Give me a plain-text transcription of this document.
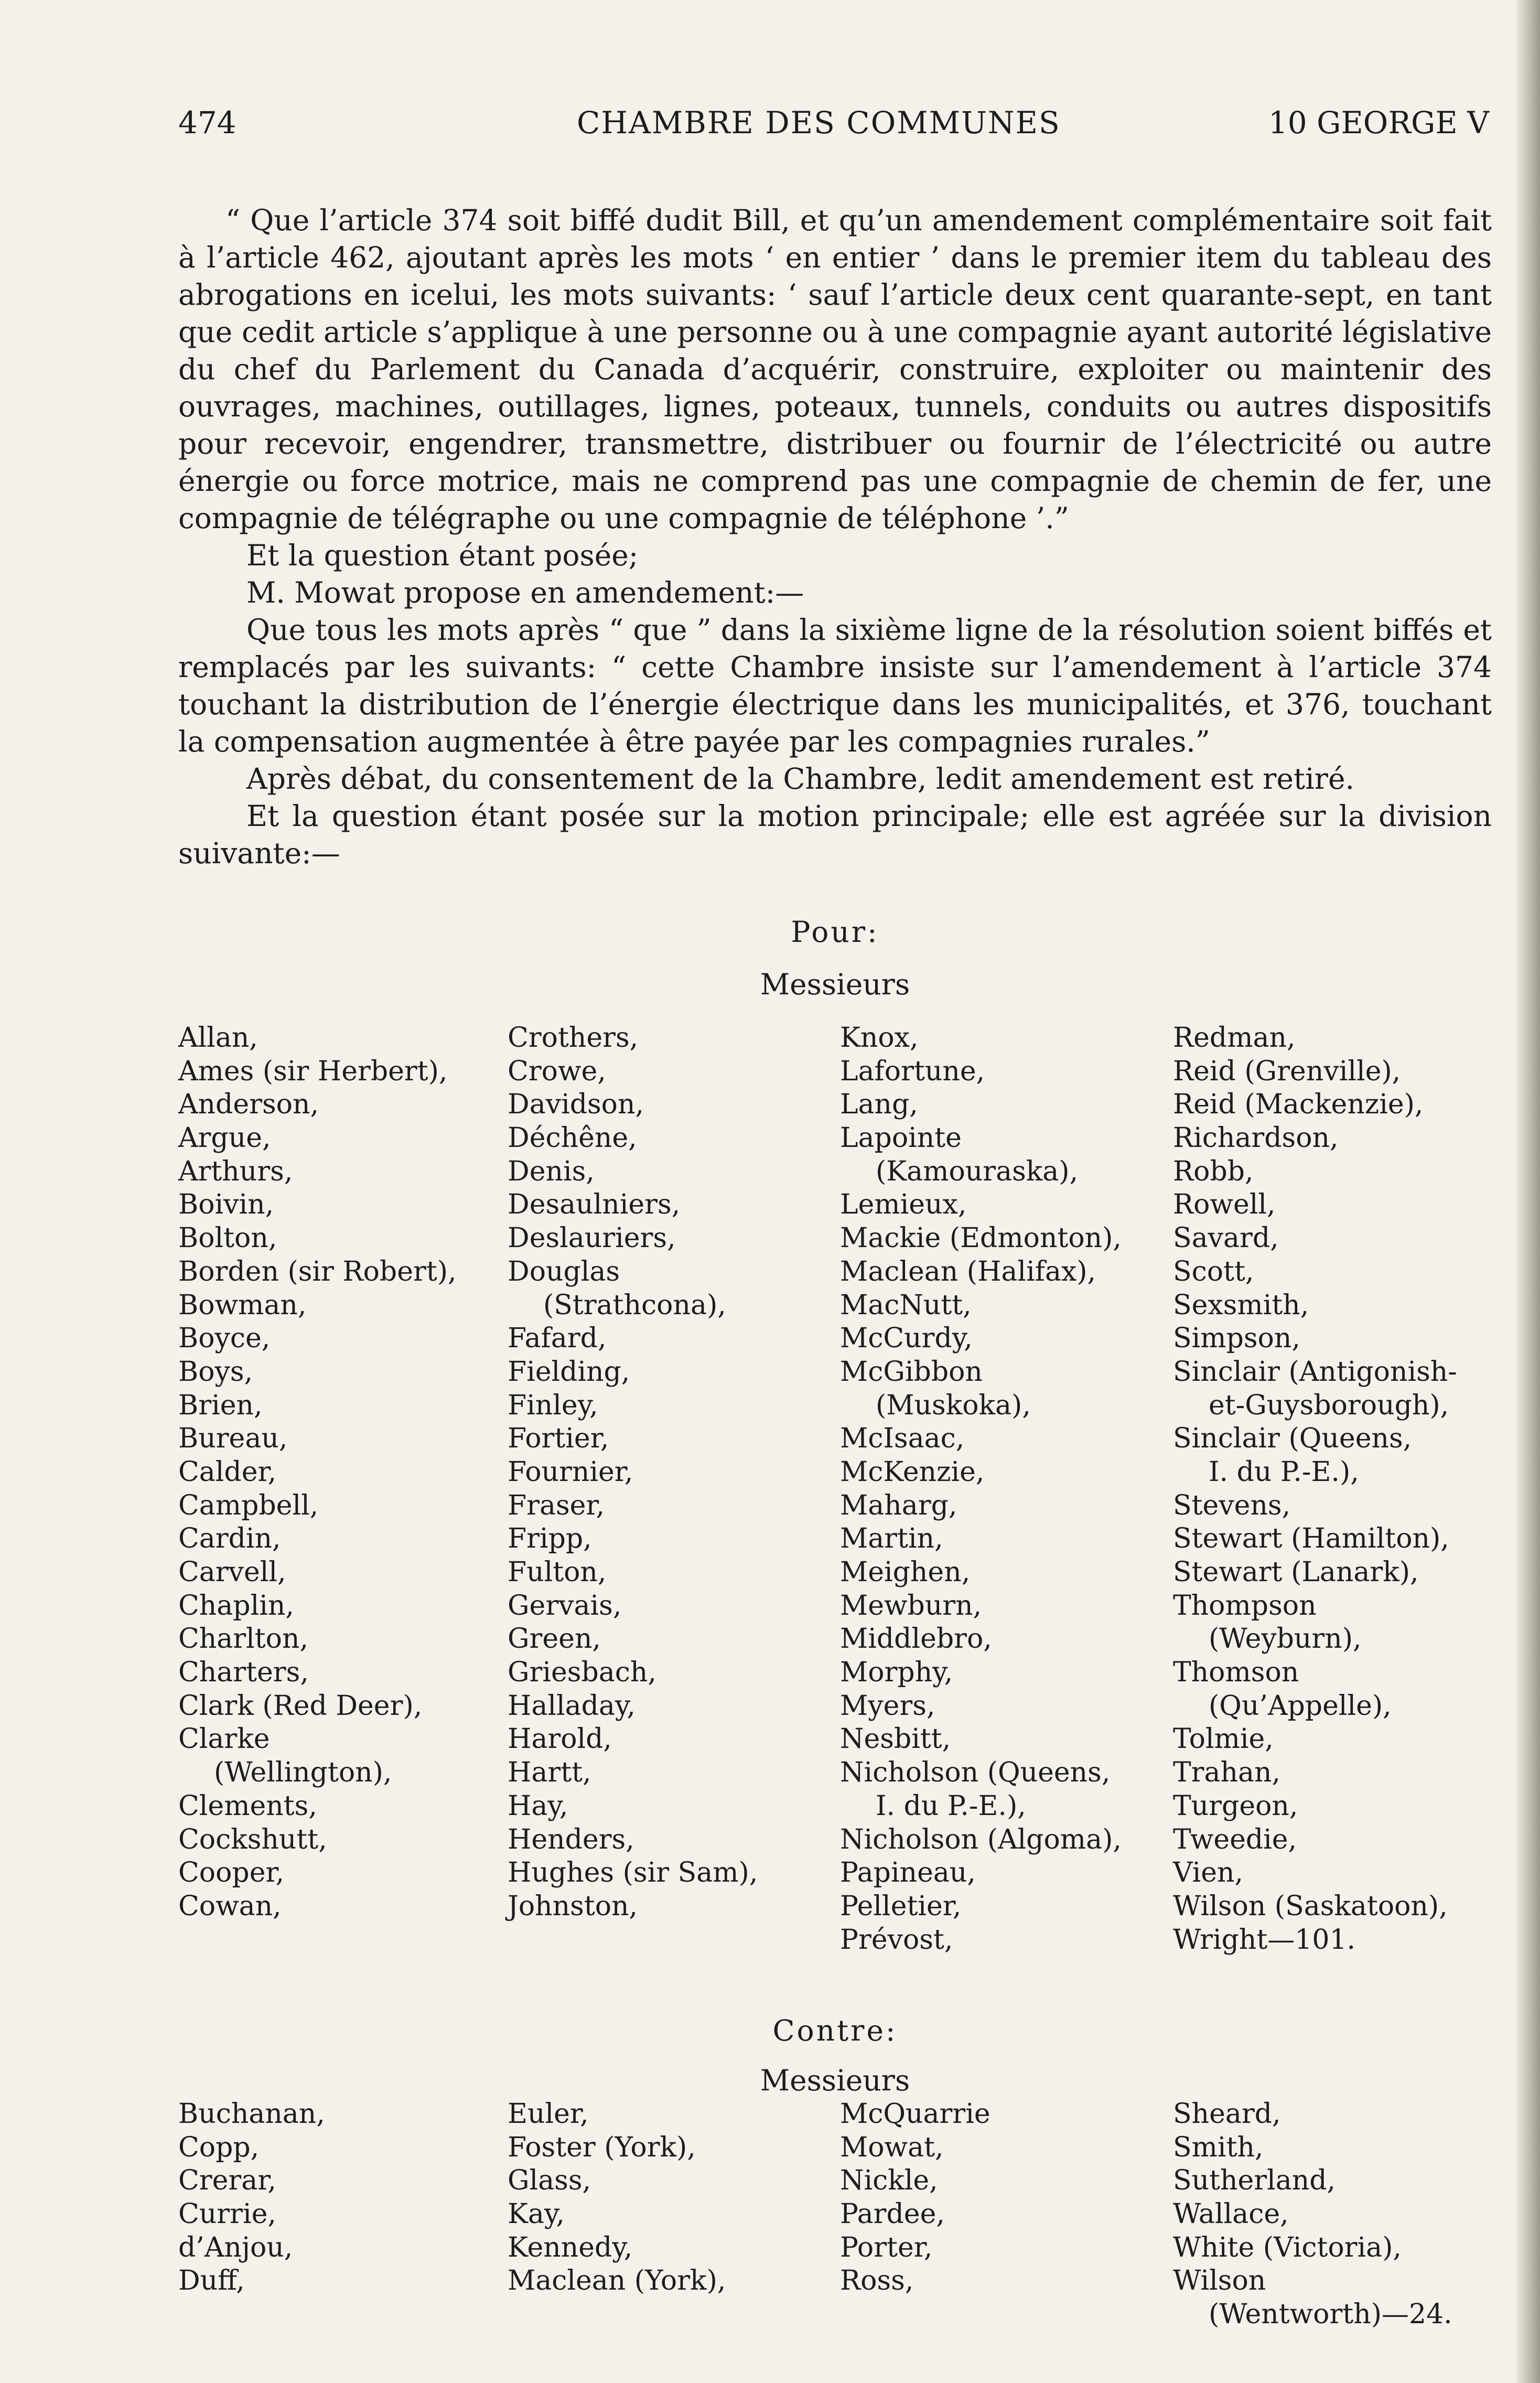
474	CHAMBRE DES COMMUNES	10 GEORGE V

“ Que l’article 374 soit biffé dudit Bill, et qu’un amendement complémentaire soit fait à l’article 462, ajoutant après les mots ‘ en entier ’ dans le premier item du tableau des abrogations en icelui, les mots suivants: ‘ sauf l’article deux cent quarante-sept, en tant que cedit article s’applique à une personne ou à une compagnie ayant autorité législative du chef du Parlement du Canada d’acquérir, construire, exploiter ou maintenir des ouvrages, machines, outillages, lignes, poteaux, tunnels, conduits ou autres dispositifs pour recevoir, engendrer, transmettre, distribuer ou fournir de l’électricité ou autre énergie ou force motrice, mais ne comprend pas une compagnie de chemin de fer, une compagnie de télégraphe ou une compagnie de téléphone ’.”

Et la question étant posée;

M. Mowat propose en amendement:—

Que tous les mots après “ que ” dans la sixième ligne de la résolution soient biffés et remplacés par les suivants: “ cette Chambre insiste sur l’amendement à l’article 374 touchant la distribution de l’énergie électrique dans les municipalités, et 376, touchant la compensation augmentée à être payée par les compagnies rurales.”

Après débat, du consentement de la Chambre, ledit amendement est retiré.

Et la question étant posée sur la motion principale; elle est agréée sur la division suivante:—

Pour:
Messieurs
Allan,
Ames (sir Herbert),
Anderson,
Argue,
Arthurs,
Boivin,
Bolton,
Borden (sir Robert),
Bowman,
Boyce,
Boys,
Brien,
Bureau,
Calder,
Campbell,
Cardin,
Carvell,
Chaplin,
Charlton,
Charters,
Clark (Red Deer),
Clarke
(Wellington),
Clements,
Cockshutt,
Cooper,
Cowan,
Crothers,
Crowe,
Davidson,
Déchêne,
Denis,
Desaulniers,
Deslauriers,
Douglas
(Strathcona),
Fafard,
Fielding,
Finley,
Fortier,
Fournier,
Fraser,
Fripp,
Fulton,
Gervais,
Green,
Griesbach,
Halladay,
Harold,
Hartt,
Hay,
Henders,
Hughes (sir Sam),
Johnston,
Knox,
Lafortune,
Lang,
Lapointe
(Kamouraska),
Lemieux,
Mackie (Edmonton),
Maclean (Halifax),
MacNutt,
McCurdy,
McGibbon
(Muskoka),
McIsaac,
McKenzie,
Maharg,
Martin,
Meighen,
Mewburn,
Middlebro,
Morphy,
Myers,
Nesbitt,
Nicholson (Queens,
I. du P.-E.),
Nicholson (Algoma),
Papineau,
Pelletier,
Prévost,
Redman,
Reid (Grenville),
Reid (Mackenzie),
Richardson,
Robb,
Rowell,
Savard,
Scott,
Sexsmith,
Simpson,
Sinclair (Antigonish-
et-Guysborough),
Sinclair (Queens,
I. du P.-E.),
Stevens,
Stewart (Hamilton),
Stewart (Lanark),
Thompson
(Weyburn),
Thomson
(Qu’Appelle),
Tolmie,
Trahan,
Turgeon,
Tweedie,
Vien,
Wilson (Saskatoon),
Wright—101.
Contre:
Messieurs
Buchanan,
Copp,
Crerar,
Currie,
d’Anjou,
Duff,
Euler,
Foster (York),
Glass,
Kay,
Kennedy,
Maclean (York),
McQuarrie
Mowat,
Nickle,
Pardee,
Porter,
Ross,
Sheard,
Smith,
Sutherland,
Wallace,
White (Victoria),
Wilson
(Wentworth)—24.
